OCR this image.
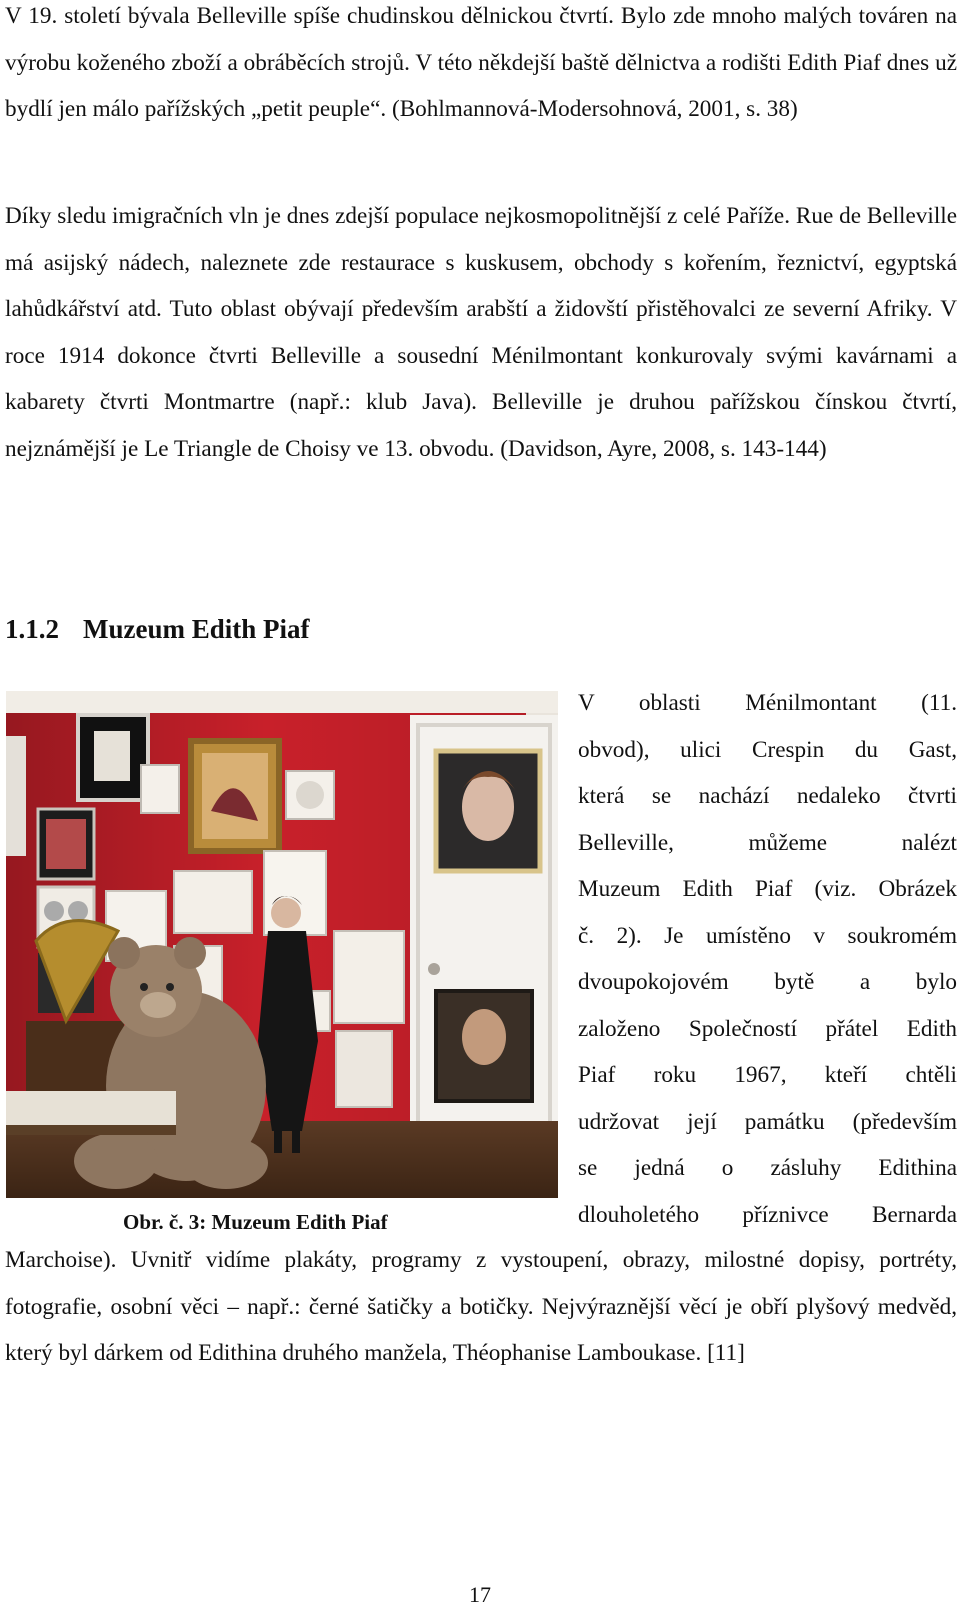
V 19. století bývala Belleville spíše chudinskou dělnickou čtvrtí. Bylo zde mnoho malých továren na výrobu koženého zboží a obráběcích strojů. V této někdejší baště dělnictva a rodišti Edith Piaf dnes už bydlí jen málo pařížských „petit peuple“. (Bohlmannová-Modersohnová, 2001, s. 38)

Díky sledu imigračních vln je dnes zdejší populace nejkosmopolitnější z celé Paříže. Rue de Belleville má asijský nádech, naleznete zde restaurace s kuskusem, obchody s kořením, řeznictví, egyptská lahůdkářství atd. Tuto oblast obývají především arabští a židovští přistěhovalci ze severní Afriky. V roce 1914 dokonce čtvrti Belleville a sousední Ménilmontant konkurovaly svými kavárnami a kabarety čtvrti Montmartre (např.: klub Java). Belleville je druhou pařížskou čínskou čtvrtí, nejznámější je Le Triangle de Choisy ve 13. obvodu. (Davidson, Ayre, 2008, s. 143-144)

1.1.2 Muzeum Edith Piaf

Obr. č. 3: Muzeum Edith Piaf

V oblasti Ménilmontant (11.
obvod), ulici Crespin du Gast,
která se nachází nedaleko čtvrti
Belleville, můžeme nalézt
Muzeum Edith Piaf (viz. Obrázek
č. 2). Je umístěno v soukromém
dvoupokojovém bytě a bylo
založeno Společností přátel Edith
Piaf roku 1967, kteří chtěli
udržovat její památku (především
se jedná o zásluhy Edithina
dlouholetého příznivce Bernarda

Marchoise). Uvnitř vidíme plakáty, programy z vystoupení, obrazy, milostné dopisy, portréty, fotografie, osobní věci – např.: černé šatičky a botičky. Nejvýraznější věcí je obří plyšový medvěd, který byl dárkem od Edithina druhého manžela, Théophanise Lamboukase. [11]

17
